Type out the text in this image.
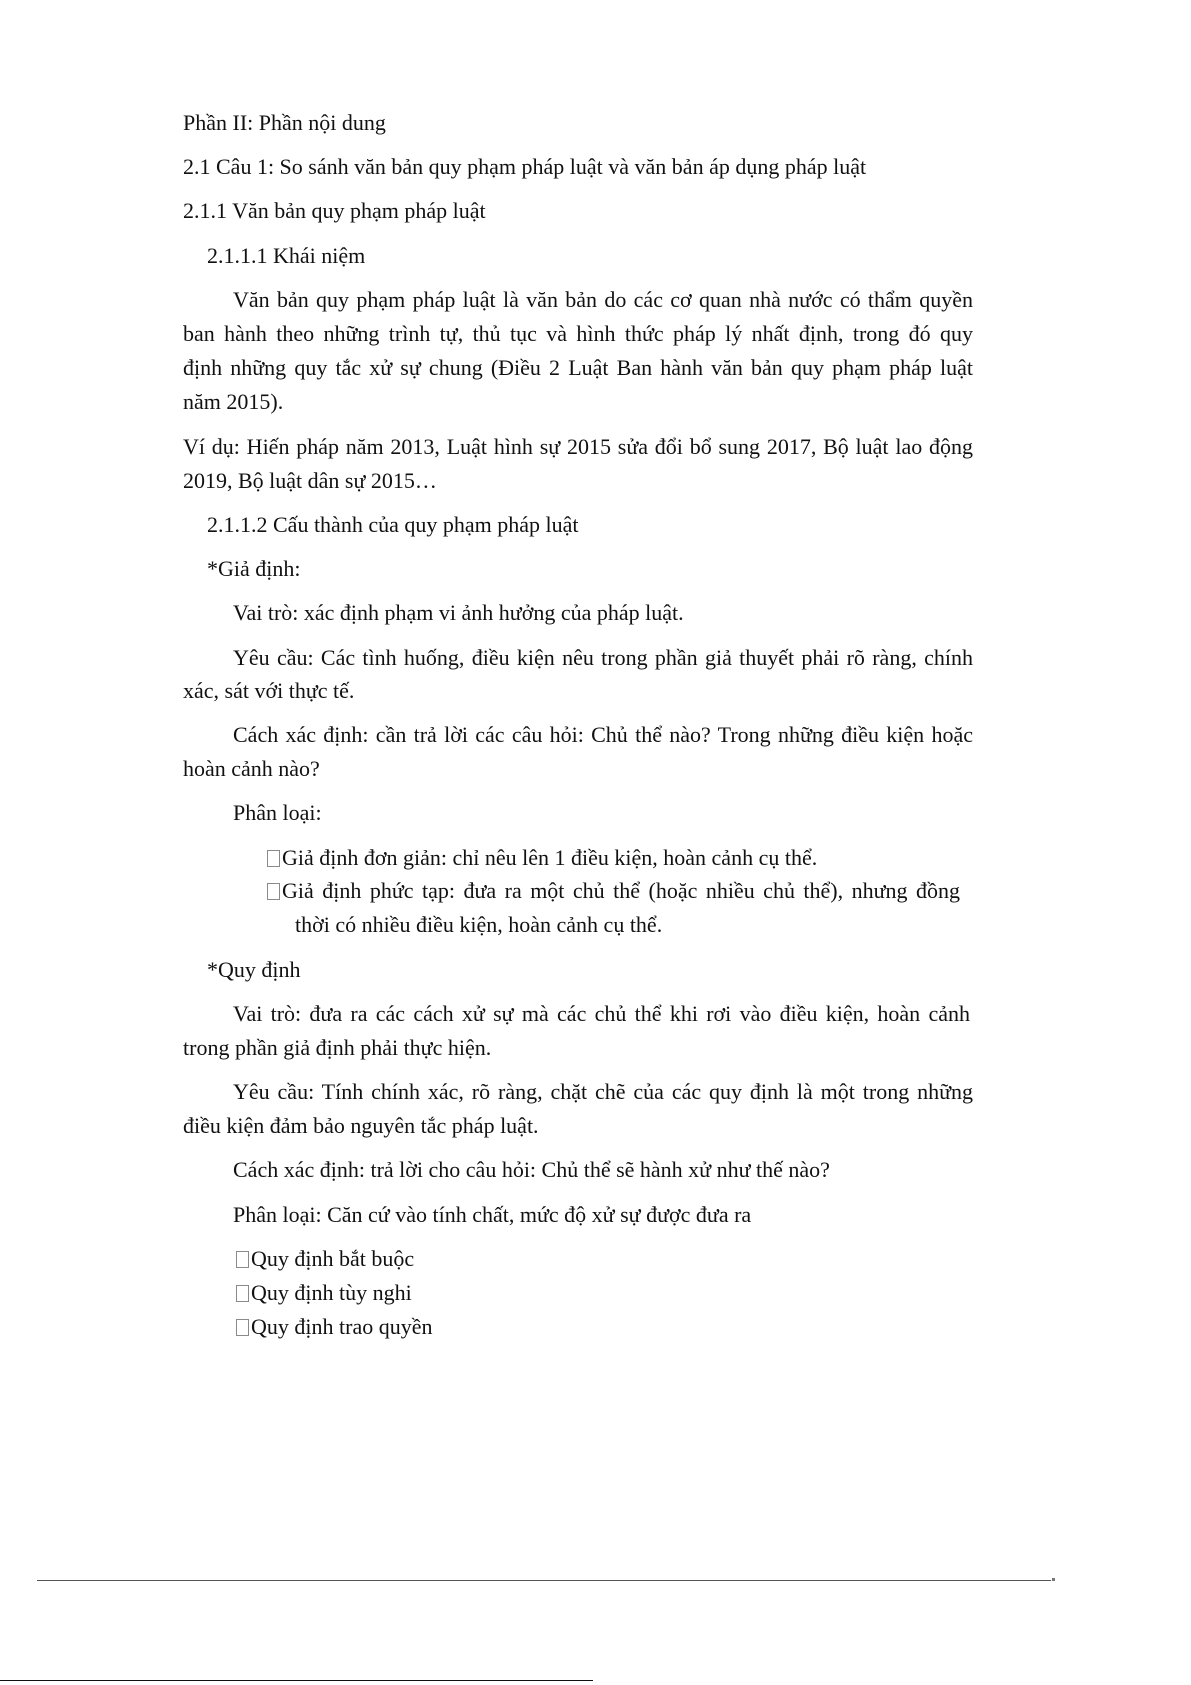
Phần II: Phần nội dung
2.1 Câu 1: So sánh văn bản quy phạm pháp luật và văn bản áp dụng pháp luật
2.1.1 Văn bản quy phạm pháp luật
2.1.1.1 Khái niệm
Văn bản quy phạm pháp luật là văn bản do các cơ quan nhà nước có thẩm quyền
ban hành theo những trình tự, thủ tục và hình thức pháp lý nhất định, trong đó quy
định những quy tắc xử sự chung (Điều 2 Luật Ban hành văn bản quy phạm pháp luật
năm 2015).
Ví dụ: Hiến pháp năm 2013, Luật hình sự 2015 sửa đổi bổ sung 2017, Bộ luật lao động
2019, Bộ luật dân sự 2015…
2.1.1.2 Cấu thành của quy phạm pháp luật
*Giả định:
Vai trò: xác định phạm vi ảnh hưởng của pháp luật.
Yêu cầu: Các tình huống, điều kiện nêu trong phần giả thuyết phải rõ ràng, chính
xác, sát với thực tế.
Cách xác định: cần trả lời các câu hỏi: Chủ thể nào? Trong những điều kiện hoặc
hoàn cảnh nào?
Phân loại:
Giả định đơn giản: chỉ nêu lên 1 điều kiện, hoàn cảnh cụ thể.
Giả định phức tạp: đưa ra một chủ thể (hoặc nhiều chủ thể), nhưng đồng
thời có nhiều điều kiện, hoàn cảnh cụ thể.
*Quy định
Vai trò: đưa ra các cách xử sự mà các chủ thể khi rơi vào điều kiện, hoàn cảnh
trong phần giả định phải thực hiện.
Yêu cầu: Tính chính xác, rõ ràng, chặt chẽ của các quy định là một trong những
điều kiện đảm bảo nguyên tắc pháp luật.
Cách xác định: trả lời cho câu hỏi: Chủ thể sẽ hành xử như thế nào?
Phân loại: Căn cứ vào tính chất, mức độ xử sự được đưa ra
Quy định bắt buộc
Quy định tùy nghi
Quy định trao quyền
